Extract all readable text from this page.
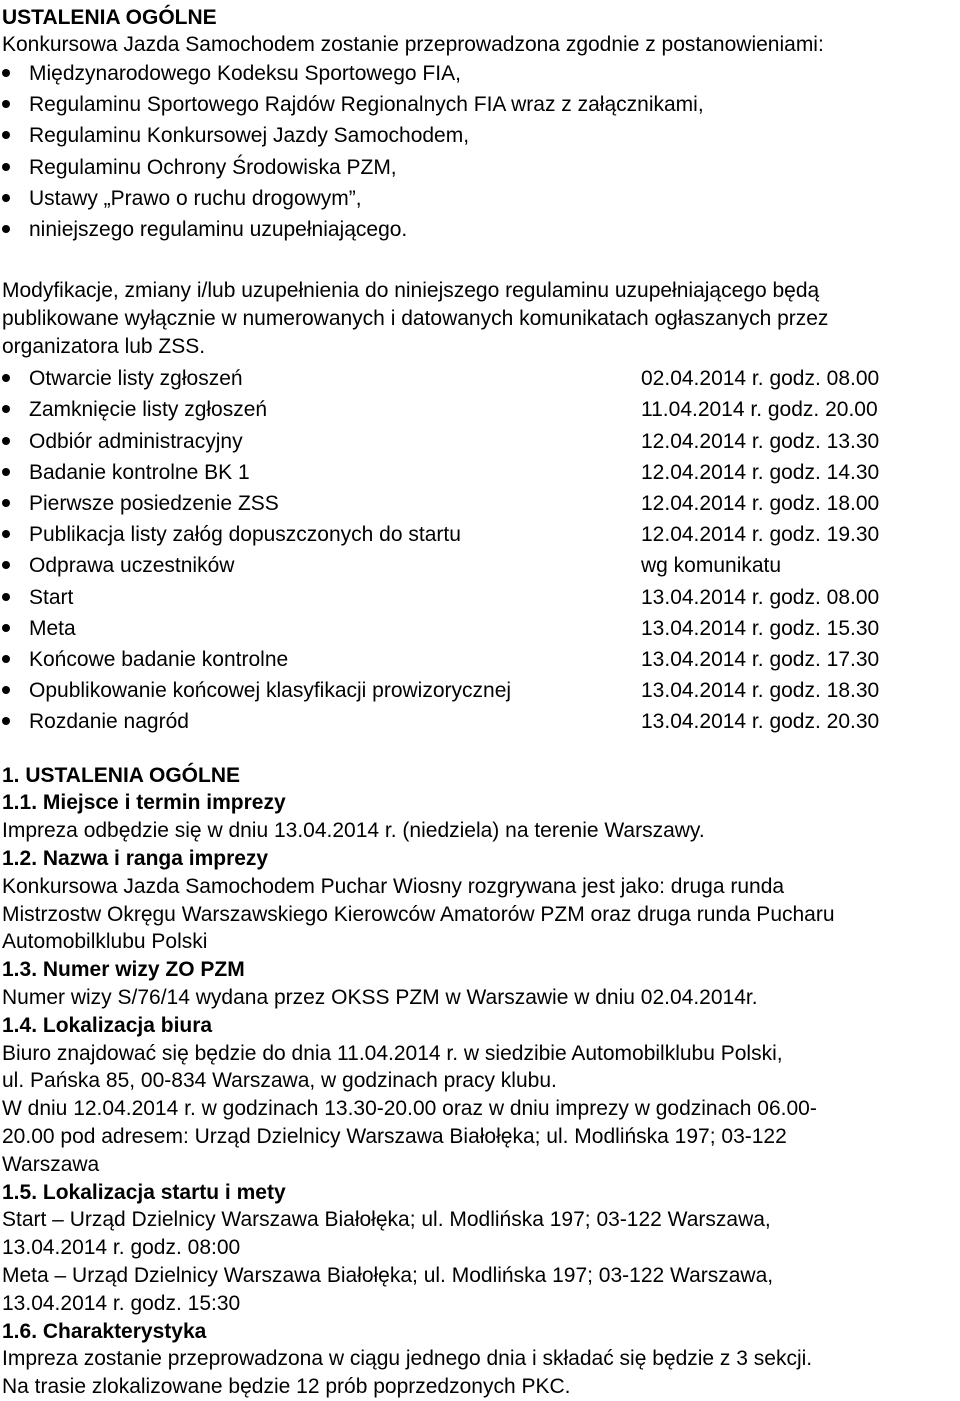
USTALENIA OGÓLNE
Konkursowa Jazda Samochodem zostanie przeprowadzona zgodnie z postanowieniami:
Międzynarodowego Kodeksu Sportowego FIA,
Regulaminu Sportowego Rajdów Regionalnych FIA wraz z załącznikami,
Regulaminu Konkursowej Jazdy Samochodem,
Regulaminu Ochrony Środowiska PZM,
Ustawy „Prawo o ruchu drogowym”,
niniejszego regulaminu uzupełniającego.
Modyfikacje, zmiany i/lub uzupełnienia do niniejszego regulaminu uzupełniającego będą
publikowane wyłącznie w numerowanych i datowanych komunikatach ogłaszanych przez
organizatora lub ZSS.
Otwarcie listy zgłoszeń	02.04.2014 r. godz. 08.00
Zamknięcie listy zgłoszeń	11.04.2014 r. godz. 20.00
Odbiór administracyjny	12.04.2014 r. godz. 13.30
Badanie kontrolne BK 1	12.04.2014 r. godz. 14.30
Pierwsze posiedzenie ZSS	12.04.2014 r. godz. 18.00
Publikacja listy załóg dopuszczonych do startu	12.04.2014 r. godz. 19.30
Odprawa uczestników	wg komunikatu
Start	13.04.2014 r. godz. 08.00
Meta	13.04.2014 r. godz. 15.30
Końcowe badanie kontrolne	13.04.2014 r. godz. 17.30
Opublikowanie końcowej klasyfikacji prowizorycznej	13.04.2014 r. godz. 18.30
Rozdanie nagród	13.04.2014 r. godz. 20.30
1. USTALENIA OGÓLNE
1.1. Miejsce i termin imprezy
Impreza odbędzie się w dniu 13.04.2014 r. (niedziela) na terenie Warszawy.
1.2. Nazwa i ranga imprezy
Konkursowa Jazda Samochodem Puchar Wiosny rozgrywana jest jako: druga runda
Mistrzostw Okręgu Warszawskiego Kierowców Amatorów PZM oraz druga runda Pucharu
Automobilklubu Polski
1.3. Numer wizy ZO PZM
Numer wizy S/76/14 wydana przez OKSS PZM w Warszawie w dniu 02.04.2014r.
1.4. Lokalizacja biura
Biuro znajdować się będzie do dnia 11.04.2014 r. w siedzibie Automobilklubu Polski,
ul. Pańska 85, 00-834 Warszawa, w godzinach pracy klubu.
W dniu 12.04.2014 r. w godzinach 13.30-20.00 oraz w dniu imprezy w godzinach 06.00-
20.00 pod adresem: Urząd Dzielnicy Warszawa Białołęka; ul. Modlińska 197; 03-122
Warszawa
1.5. Lokalizacja startu i mety
Start – Urząd Dzielnicy Warszawa Białołęka; ul. Modlińska 197; 03-122 Warszawa,
13.04.2014 r. godz. 08:00
Meta – Urząd Dzielnicy Warszawa Białołęka; ul. Modlińska 197; 03-122 Warszawa,
13.04.2014 r. godz. 15:30
1.6. Charakterystyka
Impreza zostanie przeprowadzona w ciągu jednego dnia i składać się będzie z 3 sekcji.
Na trasie zlokalizowane będzie 12 prób poprzedzonych PKC.
